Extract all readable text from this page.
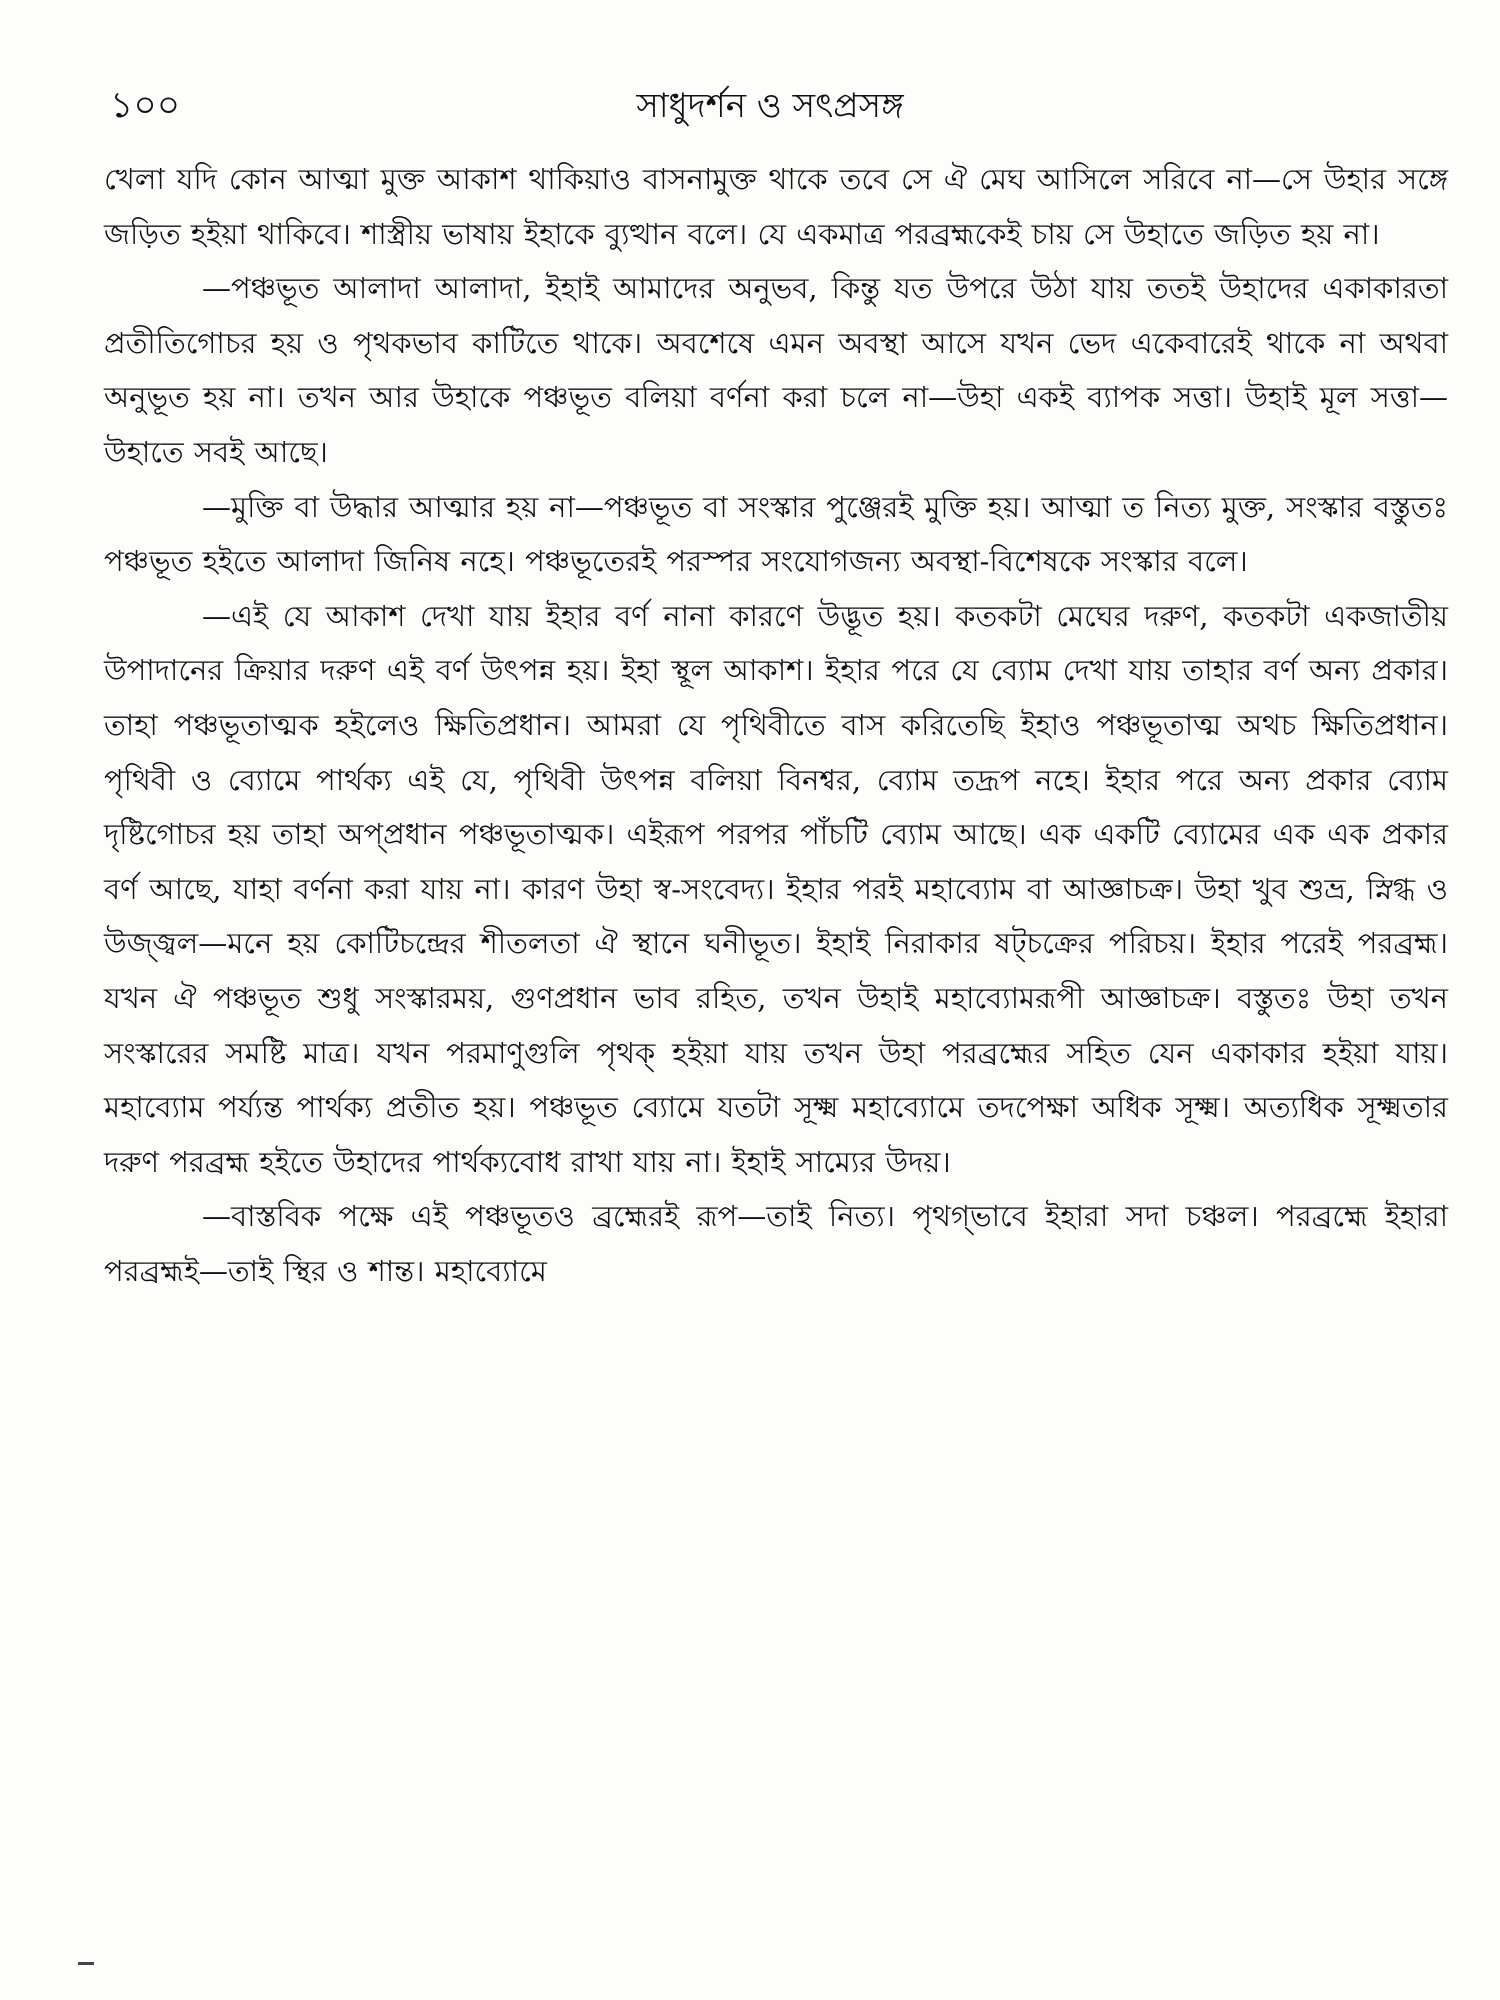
১০০	সাধুদর্শন ও সৎপ্রসঙ্গ

খেলা যদি কোন আত্মা মুক্ত আকাশ থাকিয়াও বাসনামুক্ত থাকে তবে সে ঐ মেঘ আসিলে সরিবে না—সে উহার সঙ্গে জড়িত হইয়া থাকিবে। শাস্ত্রীয় ভাষায় ইহাকে ব্যুত্থান বলে। যে একমাত্র পরব্রহ্মকেই চায় সে উহাতে জড়িত হয় না।

—পঞ্চভূত আলাদা আলাদা, ইহাই আমাদের অনুভব, কিন্তু যত উপরে উঠা যায় ততই উহাদের একাকারতা প্রতীতিগোচর হয় ও পৃথকভাব কাটিতে থাকে। অবশেষে এমন অবস্থা আসে যখন ভেদ একেবারেই থাকে না অথবা অনুভূত হয় না। তখন আর উহাকে পঞ্চভূত বলিয়া বর্ণনা করা চলে না—উহা একই ব্যাপক সত্তা। উহাই মূল সত্তা—উহাতে সবই আছে।

—মুক্তি বা উদ্ধার আত্মার হয় না—পঞ্চভূত বা সংস্কার পুঞ্জেরই মুক্তি হয়। আত্মা ত নিত্য মুক্ত, সংস্কার বস্তুতঃ পঞ্চভূত হইতে আলাদা জিনিষ নহে। পঞ্চভূতেরই পরস্পর সংযোগজন্য অবস্থা-বিশেষকে সংস্কার বলে।

—এই যে আকাশ দেখা যায় ইহার বর্ণ নানা কারণে উদ্ভূত হয়। কতকটা মেঘের দরুণ, কতকটা একজাতীয় উপাদানের ক্রিয়ার দরুণ এই বর্ণ উৎপন্ন হয়। ইহা স্থূল আকাশ। ইহার পরে যে ব্যোম দেখা যায় তাহার বর্ণ অন্য প্রকার। তাহা পঞ্চভূতাত্মক হইলেও ক্ষিতিপ্রধান। আমরা যে পৃথিবীতে বাস করিতেছি ইহাও পঞ্চভূতাত্ম অথচ ক্ষিতিপ্রধান। পৃথিবী ও ব্যোমে পার্থক্য এই যে, পৃথিবী উৎপন্ন বলিয়া বিনশ্বর, ব্যোম তদ্রূপ নহে। ইহার পরে অন্য প্রকার ব্যোম দৃষ্টিগোচর হয় তাহা অপ্‌প্রধান পঞ্চভূতাত্মক। এইরূপ পরপর পাঁচটি ব্যোম আছে। এক একটি ব্যোমের এক এক প্রকার বর্ণ আছে, যাহা বর্ণনা করা যায় না। কারণ উহা স্ব-সংবেদ্য। ইহার পরই মহাব্যোম বা আজ্ঞাচক্র। উহা খুব শুভ্র, স্নিগ্ধ ও উজ্জ্বল—মনে হয় কোটিচন্দ্রের শীতলতা ঐ স্থানে ঘনীভূত। ইহাই নিরাকার ষট্‌চক্রের পরিচয়। ইহার পরেই পরব্রহ্ম। যখন ঐ পঞ্চভূত শুধু সংস্কারময়, গুণপ্রধান ভাব রহিত, তখন উহাই মহাব্যোমরূপী আজ্ঞাচক্র। বস্তুতঃ উহা তখন সংস্কারের সমষ্টি মাত্র। যখন পরমাণুগুলি পৃথক্ হইয়া যায় তখন উহা পরব্রহ্মের সহিত যেন একাকার হইয়া যায়। মহাব্যোম পর্য্যন্ত পার্থক্য প্রতীত হয়। পঞ্চভূত ব্যোমে যতটা সূক্ষ্ম মহাব্যোমে তদপেক্ষা অধিক সূক্ষ্ম। অত্যধিক সূক্ষ্মতার দরুণ পরব্রহ্ম হইতে উহাদের পার্থক্যবোধ রাখা যায় না। ইহাই সাম্যের উদয়।

—বাস্তবিক পক্ষে এই পঞ্চভূতও ব্রহ্মেরই রূপ—তাই নিত্য। পৃথগ্‌ভাবে ইহারা সদা চঞ্চল। পরব্রহ্মে ইহারা পরব্রহ্মই—তাই স্থির ও শান্ত। মহাব্যোমে
